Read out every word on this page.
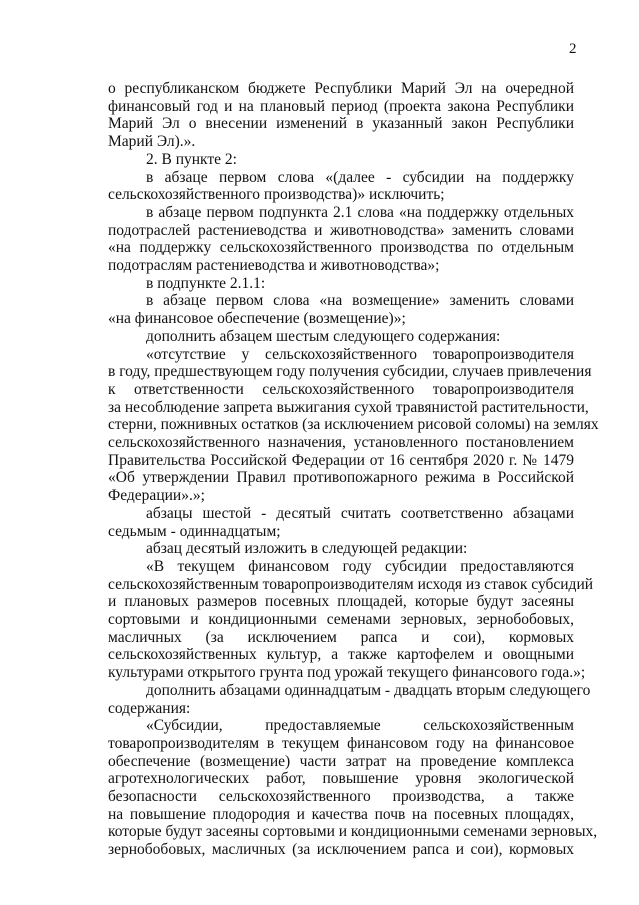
2
о республиканском бюджете Республики Марий Эл на очередной
финансовый год и на плановый период (проекта закона Республики
Марий Эл о внесении изменений в указанный закон Республики
Марий Эл).».
2. В пункте 2:
в абзаце первом слова «(далее - субсидии на поддержку
сельскохозяйственного производства)» исключить;
в абзаце первом подпункта 2.1 слова «на поддержку отдельных
подотраслей растениеводства и животноводства» заменить словами
«на поддержку сельскохозяйственного производства по отдельным
подотраслям растениеводства и животноводства»;
в подпункте 2.1.1:
в абзаце первом слова «на возмещение» заменить словами
«на финансовое обеспечение (возмещение)»;
дополнить абзацем шестым следующего содержания:
«отсутствие у сельскохозяйственного товаропроизводителя
в году, предшествующем году получения субсидии, случаев привлечения
к ответственности сельскохозяйственного товаропроизводителя
за несоблюдение запрета выжигания сухой травянистой растительности,
стерни, пожнивных остатков (за исключением рисовой соломы) на землях
сельскохозяйственного назначения, установленного постановлением
Правительства Российской Федерации от 16 сентября 2020 г. № 1479
«Об утверждении Правил противопожарного режима в Российской
Федерации».»;
абзацы шестой - десятый считать соответственно абзацами
седьмым - одиннадцатым;
абзац десятый изложить в следующей редакции:
«В текущем финансовом году субсидии предоставляются
сельскохозяйственным товаропроизводителям исходя из ставок субсидий
и плановых размеров посевных площадей, которые будут засеяны
сортовыми и кондиционными семенами зерновых, зернобобовых,
масличных (за исключением рапса и сои), кормовых
сельскохозяйственных культур, а также картофелем и овощными
культурами открытого грунта под урожай текущего финансового года.»;
дополнить абзацами одиннадцатым - двадцать вторым следующего
содержания:
«Субсидии, предоставляемые сельскохозяйственным
товаропроизводителям в текущем финансовом году на финансовое
обеспечение (возмещение) части затрат на проведение комплекса
агротехнологических работ, повышение уровня экологической
безопасности сельскохозяйственного производства, а также
на повышение плодородия и качества почв на посевных площадях,
которые будут засеяны сортовыми и кондиционными семенами зерновых,
зернобобовых, масличных (за исключением рапса и сои), кормовых
